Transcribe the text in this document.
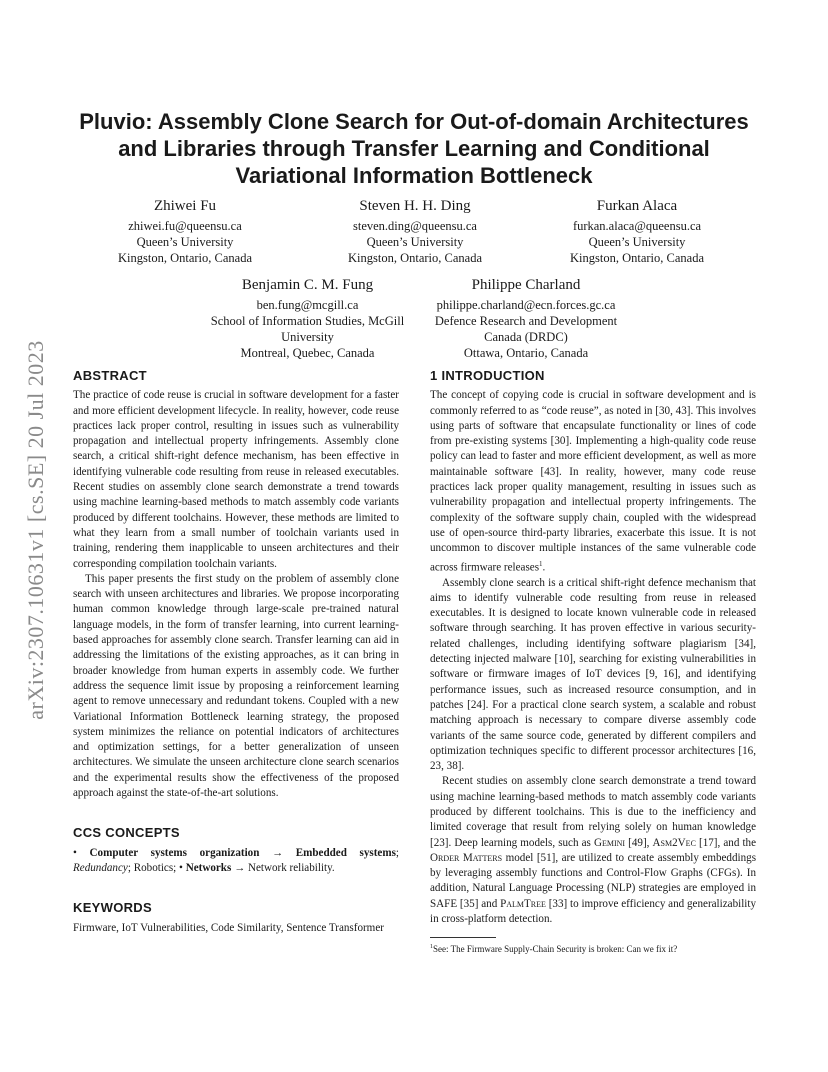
arXiv:2307.10631v1 [cs.SE] 20 Jul 2023
Pluvio: Assembly Clone Search for Out-of-domain Architectures and Libraries through Transfer Learning and Conditional Variational Information Bottleneck
Zhiwei Fu
zhiwei.fu@queensu.ca
Queen’s University
Kingston, Ontario, Canada
Steven H. H. Ding
steven.ding@queensu.ca
Queen’s University
Kingston, Ontario, Canada
Furkan Alaca
furkan.alaca@queensu.ca
Queen’s University
Kingston, Ontario, Canada
Benjamin C. M. Fung
ben.fung@mcgill.ca
School of Information Studies, McGill University
Montreal, Quebec, Canada
Philippe Charland
philippe.charland@ecn.forces.gc.ca
Defence Research and Development Canada (DRDC)
Ottawa, Ontario, Canada
ABSTRACT

The practice of code reuse is crucial in software development for a faster and more efficient development lifecycle. In reality, however, code reuse practices lack proper control, resulting in issues such as vulnerability propagation and intellectual property infringements. Assembly clone search, a critical shift-right defence mechanism, has been effective in identifying vulnerable code resulting from reuse in released executables. Recent studies on assembly clone search demonstrate a trend towards using machine learning-based methods to match assembly code variants produced by different toolchains. However, these methods are limited to what they learn from a small number of toolchain variants used in training, rendering them inapplicable to unseen architectures and their corresponding compilation toolchain variants.

This paper presents the first study on the problem of assembly clone search with unseen architectures and libraries. We propose incorporating human common knowledge through large-scale pre-trained natural language models, in the form of transfer learning, into current learning-based approaches for assembly clone search. Transfer learning can aid in addressing the limitations of the existing approaches, as it can bring in broader knowledge from human experts in assembly code. We further address the sequence limit issue by proposing a reinforcement learning agent to remove unnecessary and redundant tokens. Coupled with a new Variational Information Bottleneck learning strategy, the proposed system minimizes the reliance on potential indicators of architectures and optimization settings, for a better generalization of unseen architectures. We simulate the unseen architecture clone search scenarios and the experimental results show the effectiveness of the proposed approach against the state-of-the-art solutions.

CCS CONCEPTS

• Computer systems organization → Embedded systems; Redundancy; Robotics; • Networks → Network reliability.

KEYWORDS

Firmware, IoT Vulnerabilities, Code Similarity, Sentence Transformer

1 INTRODUCTION

The concept of copying code is crucial in software development and is commonly referred to as “code reuse”, as noted in [30, 43]. This involves using parts of software that encapsulate functionality or lines of code from pre-existing systems [30]. Implementing a high-quality code reuse policy can lead to faster and more efficient development, as well as more maintainable software [43]. In reality, however, many code reuse practices lack proper quality management, resulting in issues such as vulnerability propagation and intellectual property infringements. The complexity of the software supply chain, coupled with the widespread use of open-source third-party libraries, exacerbate this issue. It is not uncommon to discover multiple instances of the same vulnerable code across firmware releases$^1$.

Assembly clone search is a critical shift-right defence mechanism that aims to identify vulnerable code resulting from reuse in released executables. It is designed to locate known vulnerable code in released software through searching. It has proven effective in various security-related challenges, including identifying software plagiarism [34], detecting injected malware [10], searching for existing vulnerabilities in software or firmware images of IoT devices [9, 16], and identifying performance issues, such as increased resource consumption, and in patches [24]. For a practical clone search system, a scalable and robust matching approach is necessary to compare diverse assembly code variants of the same source code, generated by different compilers and optimization techniques specific to different processor architectures [16, 23, 38].

Recent studies on assembly clone search demonstrate a trend toward using machine learning-based methods to match assembly code variants produced by different toolchains. This is due to the inefficiency and limited coverage that result from relying solely on human knowledge [23]. Deep learning models, such as Gemini [49], Asm2Vec [17], and the Order Matters model [51], are utilized to create assembly embeddings by leveraging assembly functions and Control-Flow Graphs (CFGs). In addition, Natural Language Processing (NLP) strategies are employed in SAFE [35] and PalmTree [33] to improve efficiency and generalizability in cross-platform detection.

$^1$See: The Firmware Supply-Chain Security is broken: Can we fix it?
